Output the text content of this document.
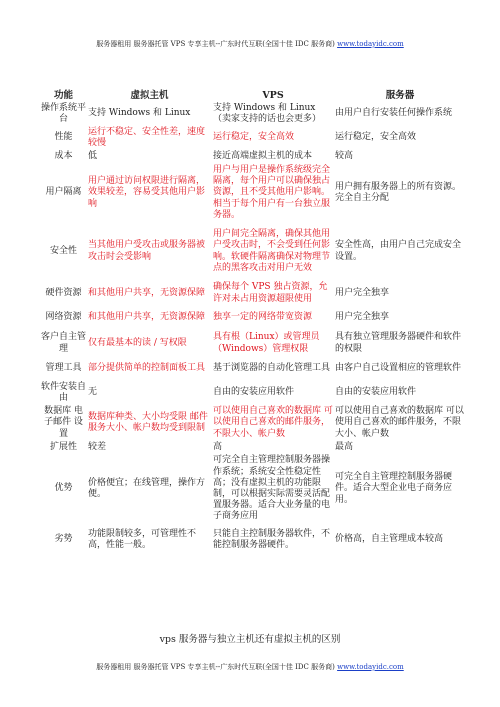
服务器租用 服务器托管 VPS 专享主机--广东时代互联(全国十佳 IDC 服务商) www.todayidc.com
功能	虚拟主机	VPS	服务器
操作系统平台	支持 Windows 和 Linux	支持 Windows 和 Linux（卖家支持的话也会更多）	由用户自行安装任何操作系统
性能	运行不稳定、安全性差，速度较慢	运行稳定，安全高效	运行稳定，安全高效
成本	低	接近高端虚拟主机的成本	较高
用户隔离	用户通过访问权限进行隔离，效果较差，容易受其他用户影响	用户与用户是操作系统级完全隔离，每个用户可以确保独占资源，且不受其他用户影响。相当于每个用户有一台独立服务器。	用户拥有服务器上的所有资源。完全自主分配
安全性	当其他用户受攻击或服务器被攻击时会受影响	用户间完全隔离，确保其他用户受攻击时，不会受到任何影响。软硬件隔离确保对物理节点的黑客攻击对用户无效	安全性高，由用户自己完成安全设置。
硬件资源	和其他用户共享，无资源保障	确保每个 VPS 独占资源，允许对未占用资源超限使用	用户完全独享
网络资源	和其他用户共享，无资源保障	独享一定的网络带宽资源	用户完全独享
客户自主管理	仅有最基本的读 / 写权限	具有根（Linux）或管理员（Windows）管理权限	具有独立管理服务器硬件和软件的权限
管理工具	部分提供简单的控制面板工具	基于浏览器的自动化管理工具	由客户自己设置相应的管理软件
软件安装自由	无	自由的安装应用软件	自由的安装应用软件
数据库 电子邮件 设置	数据库种类、大小均受限 邮件服务大小、帐户数均受到限制	可以使用自己喜欢的数据库 可以使用自己喜欢的邮件服务，不限大小、帐户数	可以使用自己喜欢的数据库 可以使用自己喜欢的邮件服务，不限大小、帐户数
扩展性	较差	高	最高
优势	价格便宜；在线管理，操作方便。	可完全自主管理控制服务器操作系统；系统安全性稳定性高；没有虚拟主机的功能限制，可以根据实际需要灵活配置服务器。适合大业务量的电子商务应用	可完全自主管理控制服务器硬件。适合大型企业电子商务应用。
劣势	功能限制较多，可管理性不高，性能一般。	只能自主控制服务器软件，不能控制服务器硬件。	价格高，自主管理成本较高
vps 服务器与独立主机还有虚拟主机的区别
服务器租用 服务器托管 VPS 专享主机--广东时代互联(全国十佳 IDC 服务商) www.todayidc.com
